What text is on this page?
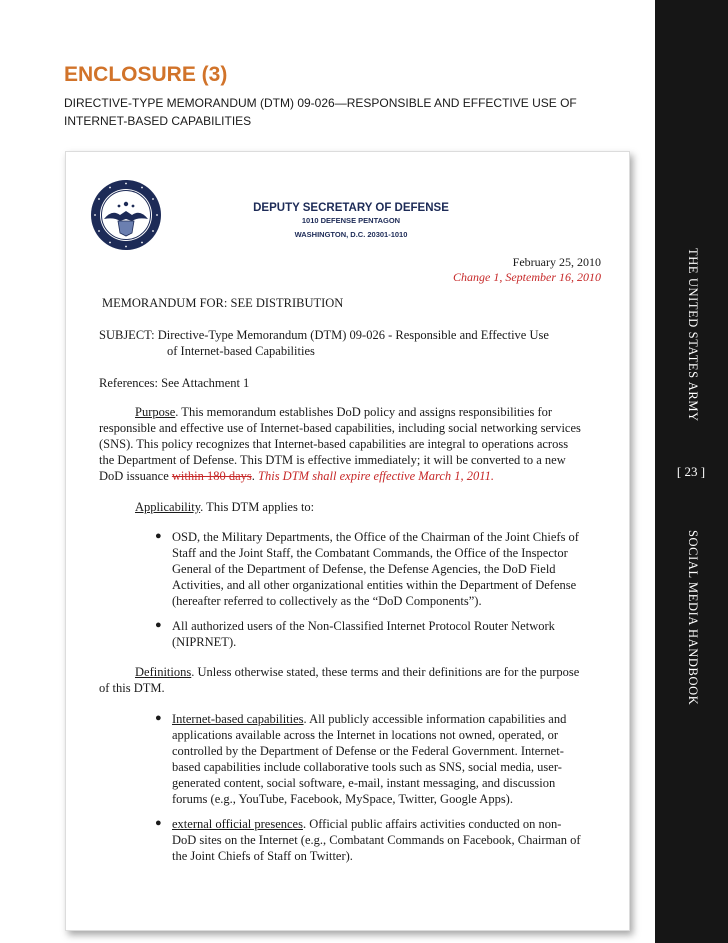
ENCLOSURE (3)
DIRECTIVE-TYPE MEMORANDUM (DTM) 09-026—RESPONSIBLE AND EFFECTIVE USE OF
INTERNET-BASED CAPABILITIES
THE UNITED STATES ARMY
[ 23 ]
SOCIAL MEDIA HANDBOOK
DEPUTY SECRETARY OF DEFENSE
1010 DEFENSE PENTAGON
WASHINGTON, D.C. 20301-1010
February 25, 2010
Change 1, September 16, 2010
MEMORANDUM FOR: SEE DISTRIBUTION
SUBJECT: Directive-Type Memorandum (DTM) 09-026 - Responsible and Effective Use
of Internet-based Capabilities
References: See Attachment 1
Purpose. This memorandum establishes DoD policy and assigns responsibilities for
responsible and effective use of Internet-based capabilities, including social networking services
(SNS). This policy recognizes that Internet-based capabilities are integral to operations across
the Department of Defense. This DTM is effective immediately; it will be converted to a new
DoD issuance within 180 days. This DTM shall expire effective March 1, 2011.
Applicability. This DTM applies to:
● OSD, the Military Departments, the Office of the Chairman of the Joint Chiefs of
Staff and the Joint Staff, the Combatant Commands, the Office of the Inspector
General of the Department of Defense, the Defense Agencies, the DoD Field
Activities, and all other organizational entities within the Department of Defense
(hereafter referred to collectively as the “DoD Components”).
● All authorized users of the Non-Classified Internet Protocol Router Network
(NIPRNET).
Definitions. Unless otherwise stated, these terms and their definitions are for the purpose
of this DTM.
● Internet-based capabilities. All publicly accessible information capabilities and
applications available across the Internet in locations not owned, operated, or
controlled by the Department of Defense or the Federal Government. Internet-
based capabilities include collaborative tools such as SNS, social media, user-
generated content, social software, e-mail, instant messaging, and discussion
forums (e.g., YouTube, Facebook, MySpace, Twitter, Google Apps).
● external official presences. Official public affairs activities conducted on non-
DoD sites on the Internet (e.g., Combatant Commands on Facebook, Chairman of
the Joint Chiefs of Staff on Twitter).
